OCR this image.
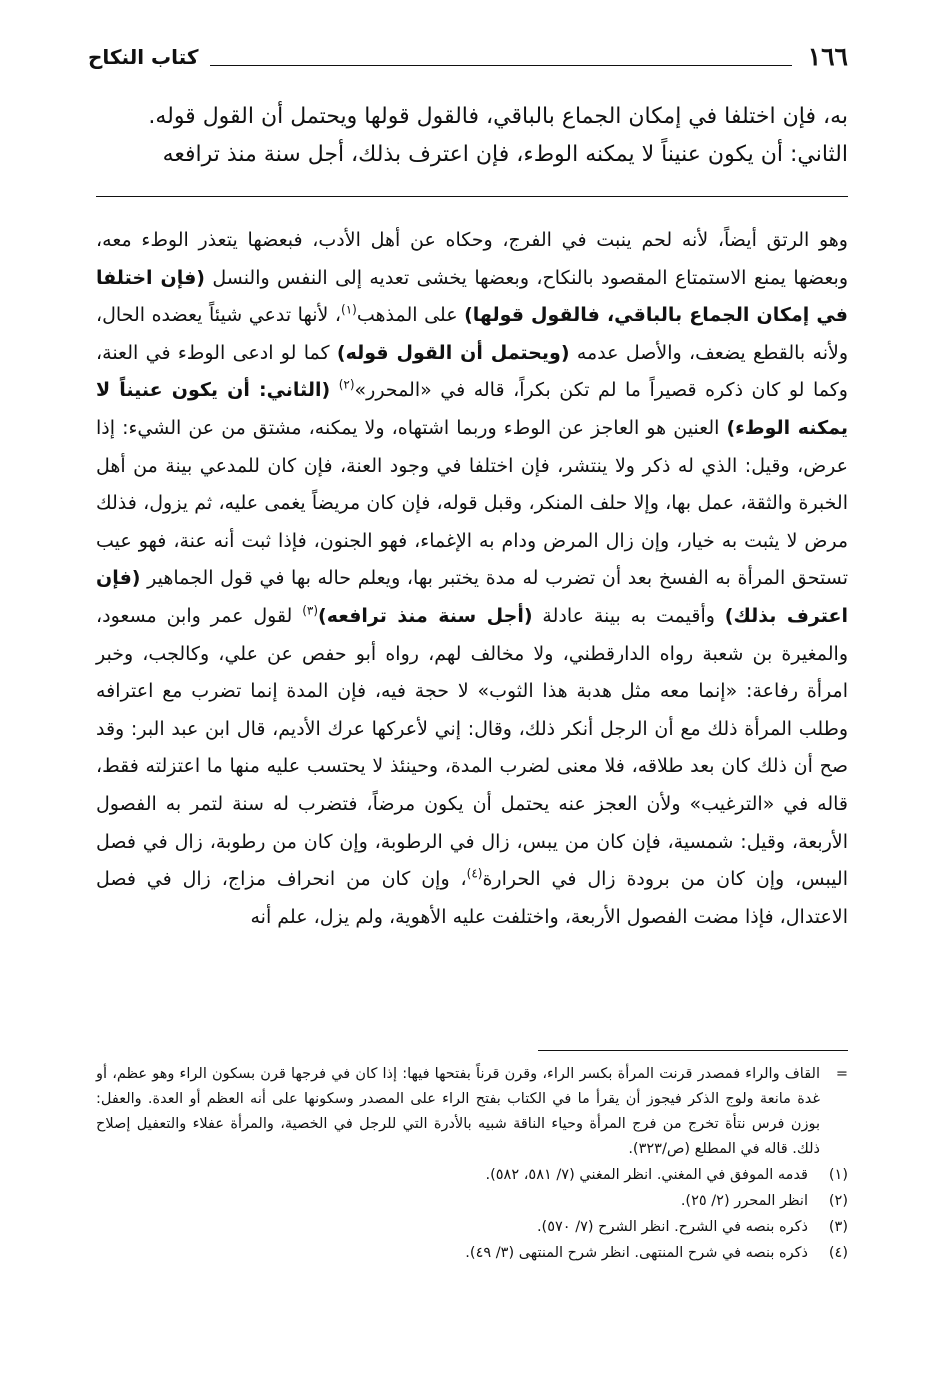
١٦٦
كتاب النكاح

به، فإن اختلفا في إمكان الجماع بالباقي، فالقول قولها ويحتمل أن القول قوله.

الثاني: أن يكون عنيناً لا يمكنه الوطء، فإن اعترف بذلك، أجل سنة منذ ترافعه

وهو الرتق أيضاً، لأنه لحم ينبت في الفرج، وحكاه عن أهل الأدب، فبعضها يتعذر الوطء معه، وبعضها يمنع الاستمتاع المقصود بالنكاح، وبعضها يخشى تعديه إلى النفس والنسل (فإن اختلفا في إمكان الجماع بالباقي، فالقول قولها) على المذهب$^{(١)}$، لأنها تدعي شيئاً يعضده الحال، ولأنه بالقطع يضعف، والأصل عدمه (ويحتمل أن القول قوله) كما لو ادعى الوطء في العنة، وكما لو كان ذكره قصيراً ما لم تكن بكراً، قاله في «المحرر»$^{(٢)}$ (الثاني: أن يكون عنيناً لا يمكنه الوطء) العنين هو العاجز عن الوطء وربما اشتهاه، ولا يمكنه، مشتق من عن الشيء: إذا عرض، وقيل: الذي له ذكر ولا ينتشر، فإن اختلفا في وجود العنة، فإن كان للمدعي بينة من أهل الخبرة والثقة، عمل بها، وإلا حلف المنكر، وقبل قوله، فإن كان مريضاً يغمى عليه، ثم يزول، فذلك مرض لا يثبت به خيار، وإن زال المرض ودام به الإغماء، فهو الجنون، فإذا ثبت أنه عنة، فهو عيب تستحق المرأة به الفسخ بعد أن تضرب له مدة يختبر بها، ويعلم حاله بها في قول الجماهير (فإن اعترف بذلك) وأقيمت به بينة عادلة (أجل سنة منذ ترافعه)$^{(٣)}$ لقول عمر وابن مسعود، والمغيرة بن شعبة رواه الدارقطني، ولا مخالف لهم، رواه أبو حفص عن علي، وكالجب، وخبر امرأة رفاعة: «إنما معه مثل هدبة هذا الثوب» لا حجة فيه، فإن المدة إنما تضرب مع اعترافه وطلب المرأة ذلك مع أن الرجل أنكر ذلك، وقال: إني لأعركها عرك الأديم، قال ابن عبد البر: وقد صح أن ذلك كان بعد طلاقه، فلا معنى لضرب المدة، وحينئذ لا يحتسب عليه منها ما اعتزلته فقط، قاله في «الترغيب» ولأن العجز عنه يحتمل أن يكون مرضاً، فتضرب له سنة لتمر به الفصول الأربعة، وقيل: شمسية، فإن كان من يبس، زال في الرطوبة، وإن كان من رطوبة، زال في فصل اليبس، وإن كان من برودة زال في الحرارة$^{(٤)}$، وإن كان من انحراف مزاج، زال في فصل الاعتدال، فإذا مضت الفصول الأربعة، واختلفت عليه الأهوية، ولم يزل، علم أنه

=
القاف والراء فمصدر قرنت المرأة بكسر الراء، وقرن قرناً بفتحها فيها: إذا كان في فرجها قرن بسكون الراء وهو عظم، أو غدة مانعة ولوج الذكر فيجوز أن يقرأ ما في الكتاب بفتح الراء على المصدر وسكونها على أنه العظم أو العدة. والعفل: بوزن فرس نتأة تخرج من فرج المرأة وحياء الناقة شبيه بالأدرة التي للرجل في الخصية، والمرأة عفلاء والتعفيل إصلاح ذلك. قاله في المطلع (ص/٣٢٣).
(١)
قدمه الموفق في المغني. انظر المغني (٧/ ٥٨١، ٥٨٢).
(٢)
انظر المحرر (٢/ ٢٥).
(٣)
ذكره بنصه في الشرح. انظر الشرح (٧/ ٥٧٠).
(٤)
ذكره بنصه في شرح المنتهى. انظر شرح المنتهى (٣/ ٤٩).
